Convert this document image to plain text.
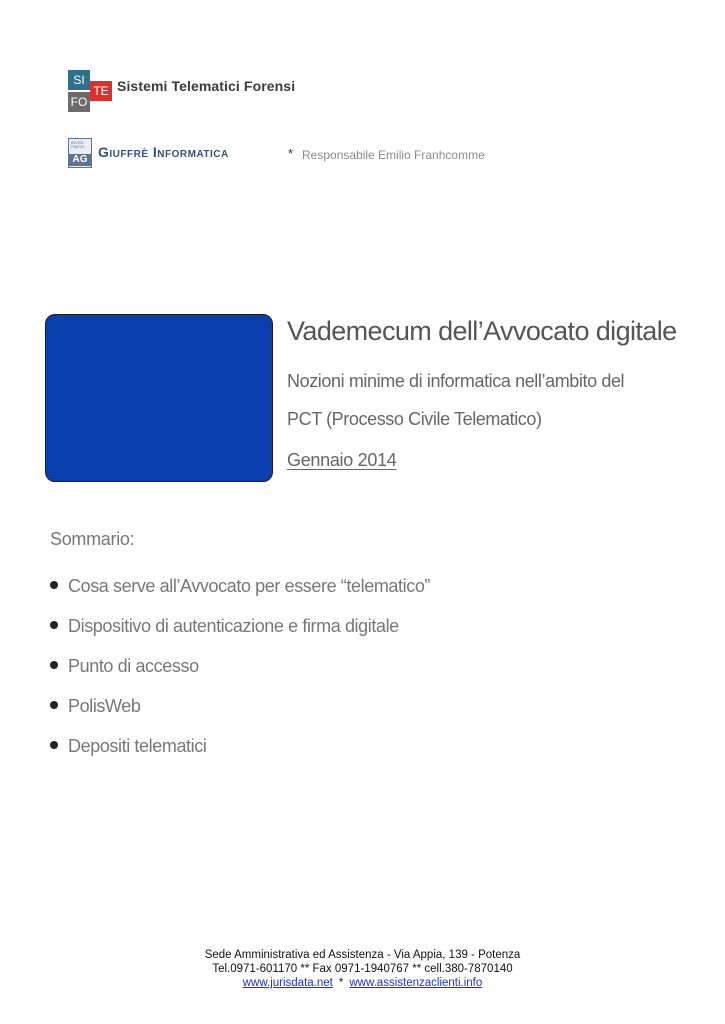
SI
TE
FO
Sistemi Telematici Forensi
INVITA PAVOS
AG Giuffrè Informatica	* Responsabile Emilio Franhcomme
Vademecum dell’Avvocato digitale
Nozioni minime di informatica nell’ambito del
PCT (Processo Civile Telematico)
Gennaio 2014
Sommario:
Cosa serve all’Avvocato per essere “telematico”
Dispositivo di autenticazione e firma digitale
Punto di accesso
PolisWeb
Depositi telematici
Sede Amministrativa ed Assistenza - Via Appia, 139 - Potenza
Tel.0971-601170 ** Fax 0971-1940767 ** cell.380-7870140
www.jurisdata.net * www.assistenzaclienti.info
